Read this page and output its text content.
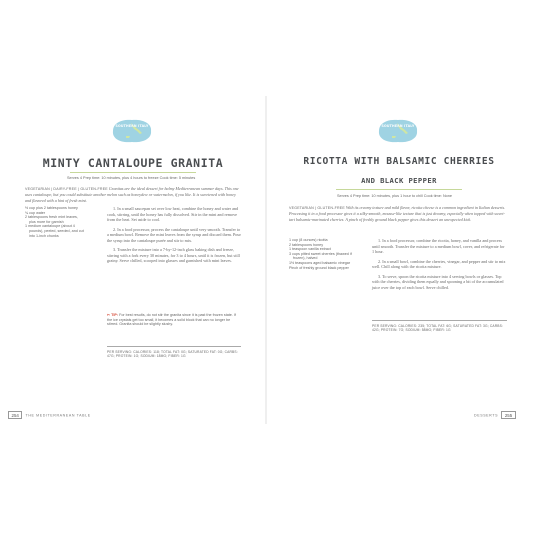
SOUTHERN ITALY
MINTY CANTALOUPE GRANITA
Serves 4 Prep time: 10 minutes, plus 4 hours to freeze Cook time: 5 minutes
VEGETARIAN | DAIRY-FREE | GLUTEN-FREE Granitas are the ideal dessert for balmy Mediterranean summer days. This one uses cantaloupe, but you could substitute another melon such as honeydew or watermelon, if you like. It is sweetened with honey and flavored with a hint of fresh mint.
½ cup plus 2 tablespoons honey
¾ cup water
2 tablespoons fresh mint leaves, plus more for garnish
1 medium cantaloupe (about 4 pounds), peeled, seeded, and cut into 1-inch chunks
1. In a small saucepan set over low heat, combine the honey and water and cook, stirring, until the honey has fully dissolved. Stir in the mint and remove from the heat. Set aside to cool.
2. In a food processor, process the cantaloupe until very smooth. Transfer to a medium bowl. Remove the mint leaves from the syrup and discard them. Pour the syrup into the cantaloupe purée and stir to mix.
3. Transfer the mixture into a 7-by-12-inch glass baking dish and freeze, stirring with a fork every 30 minutes, for 3 to 4 hours, until it is frozen, but still grainy. Serve chilled, scooped into glasses and garnished with mint leaves.
✂ TIP: For best results, do not stir the granita since it is past the frozen state. If the ice crystals get too small, it becomes a solid block that can no longer be stirred. Granita should be slightly slushy.
PER SERVING: CALORIES: 118; TOTAL FAT: 0G; SATURATED FAT: 0G; CARBS: 47G; PROTEIN: 1G; SODIUM: 18MG; FIBER: 1G
254 THE MEDITERRANEAN TABLE
SOUTHERN ITALY
RICOTTA WITH BALSAMIC CHERRIES
AND BLACK PEPPER
Serves 4 Prep time: 10 minutes, plus 1 hour to chill Cook time: None
VEGETARIAN | GLUTEN-FREE With its creamy texture and mild flavor, ricotta cheese is a common ingredient in Italian desserts. Processing it in a food processor gives it a silky-smooth, mousse-like texture that is just dreamy, especially when topped with sweet-tart balsamic-marinated cherries. A pinch of freshly ground black pepper gives this dessert an unexpected kick.
1 cup (8 ounces) ricotta
2 tablespoons honey
1 teaspoon vanilla extract
3 cups pitted sweet cherries (thawed if frozen), halved
1½ teaspoons aged balsamic vinegar
Pinch of freshly ground black pepper
1. In a food processor, combine the ricotta, honey, and vanilla and process until smooth. Transfer the mixture to a medium bowl, cover, and refrigerate for 1 hour.
2. In a small bowl, combine the cherries, vinegar, and pepper and stir to mix well. Chill along with the ricotta mixture.
3. To serve, spoon the ricotta mixture into 4 serving bowls or glasses. Top with the cherries, dividing them equally and spooning a bit of the accumulated juice over the top of each bowl. Serve chilled.
PER SERVING: CALORIES: 235; TOTAL FAT: 6G; SATURATED FAT: 3G; CARBS: 42G; PROTEIN: 7G; SODIUM: 58MG; FIBER: 1G
DESSERTS 255
